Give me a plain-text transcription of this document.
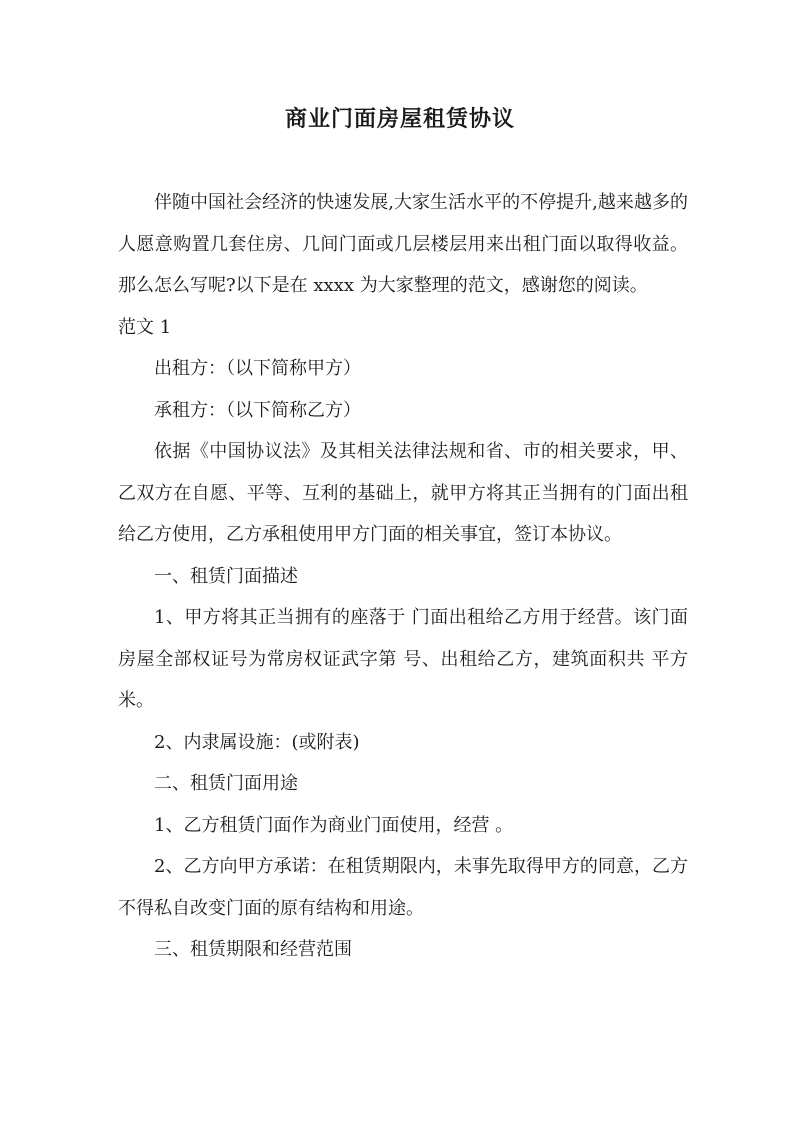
商业门面房屋租赁协议

伴随中国社会经济的快速发展,大家生活水平的不停提升,越来越多的人愿意购置几套住房、几间门面或几层楼层用来出租门面以取得收益。那么怎么写呢?以下是在 xxxx 为大家整理的范文，感谢您的阅读。

范文 1

出租方：（以下简称甲方）

承租方：（以下简称乙方）

依据《中国协议法》及其相关法律法规和省、市的相关要求，甲、乙双方在自愿、平等、互利的基础上，就甲方将其正当拥有的门面出租给乙方使用，乙方承租使用甲方门面的相关事宜，签订本协议。

一、租赁门面描述

1、甲方将其正当拥有的座落于 门面出租给乙方用于经营。该门面房屋全部权证号为常房权证武字第 号、出租给乙方，建筑面积共 平方米。

2、内隶属设施：(或附表)

二、租赁门面用途

1、乙方租赁门面作为商业门面使用，经营 。

2、乙方向甲方承诺：在租赁期限内，未事先取得甲方的同意，乙方不得私自改变门面的原有结构和用途。

三、租赁期限和经营范围
